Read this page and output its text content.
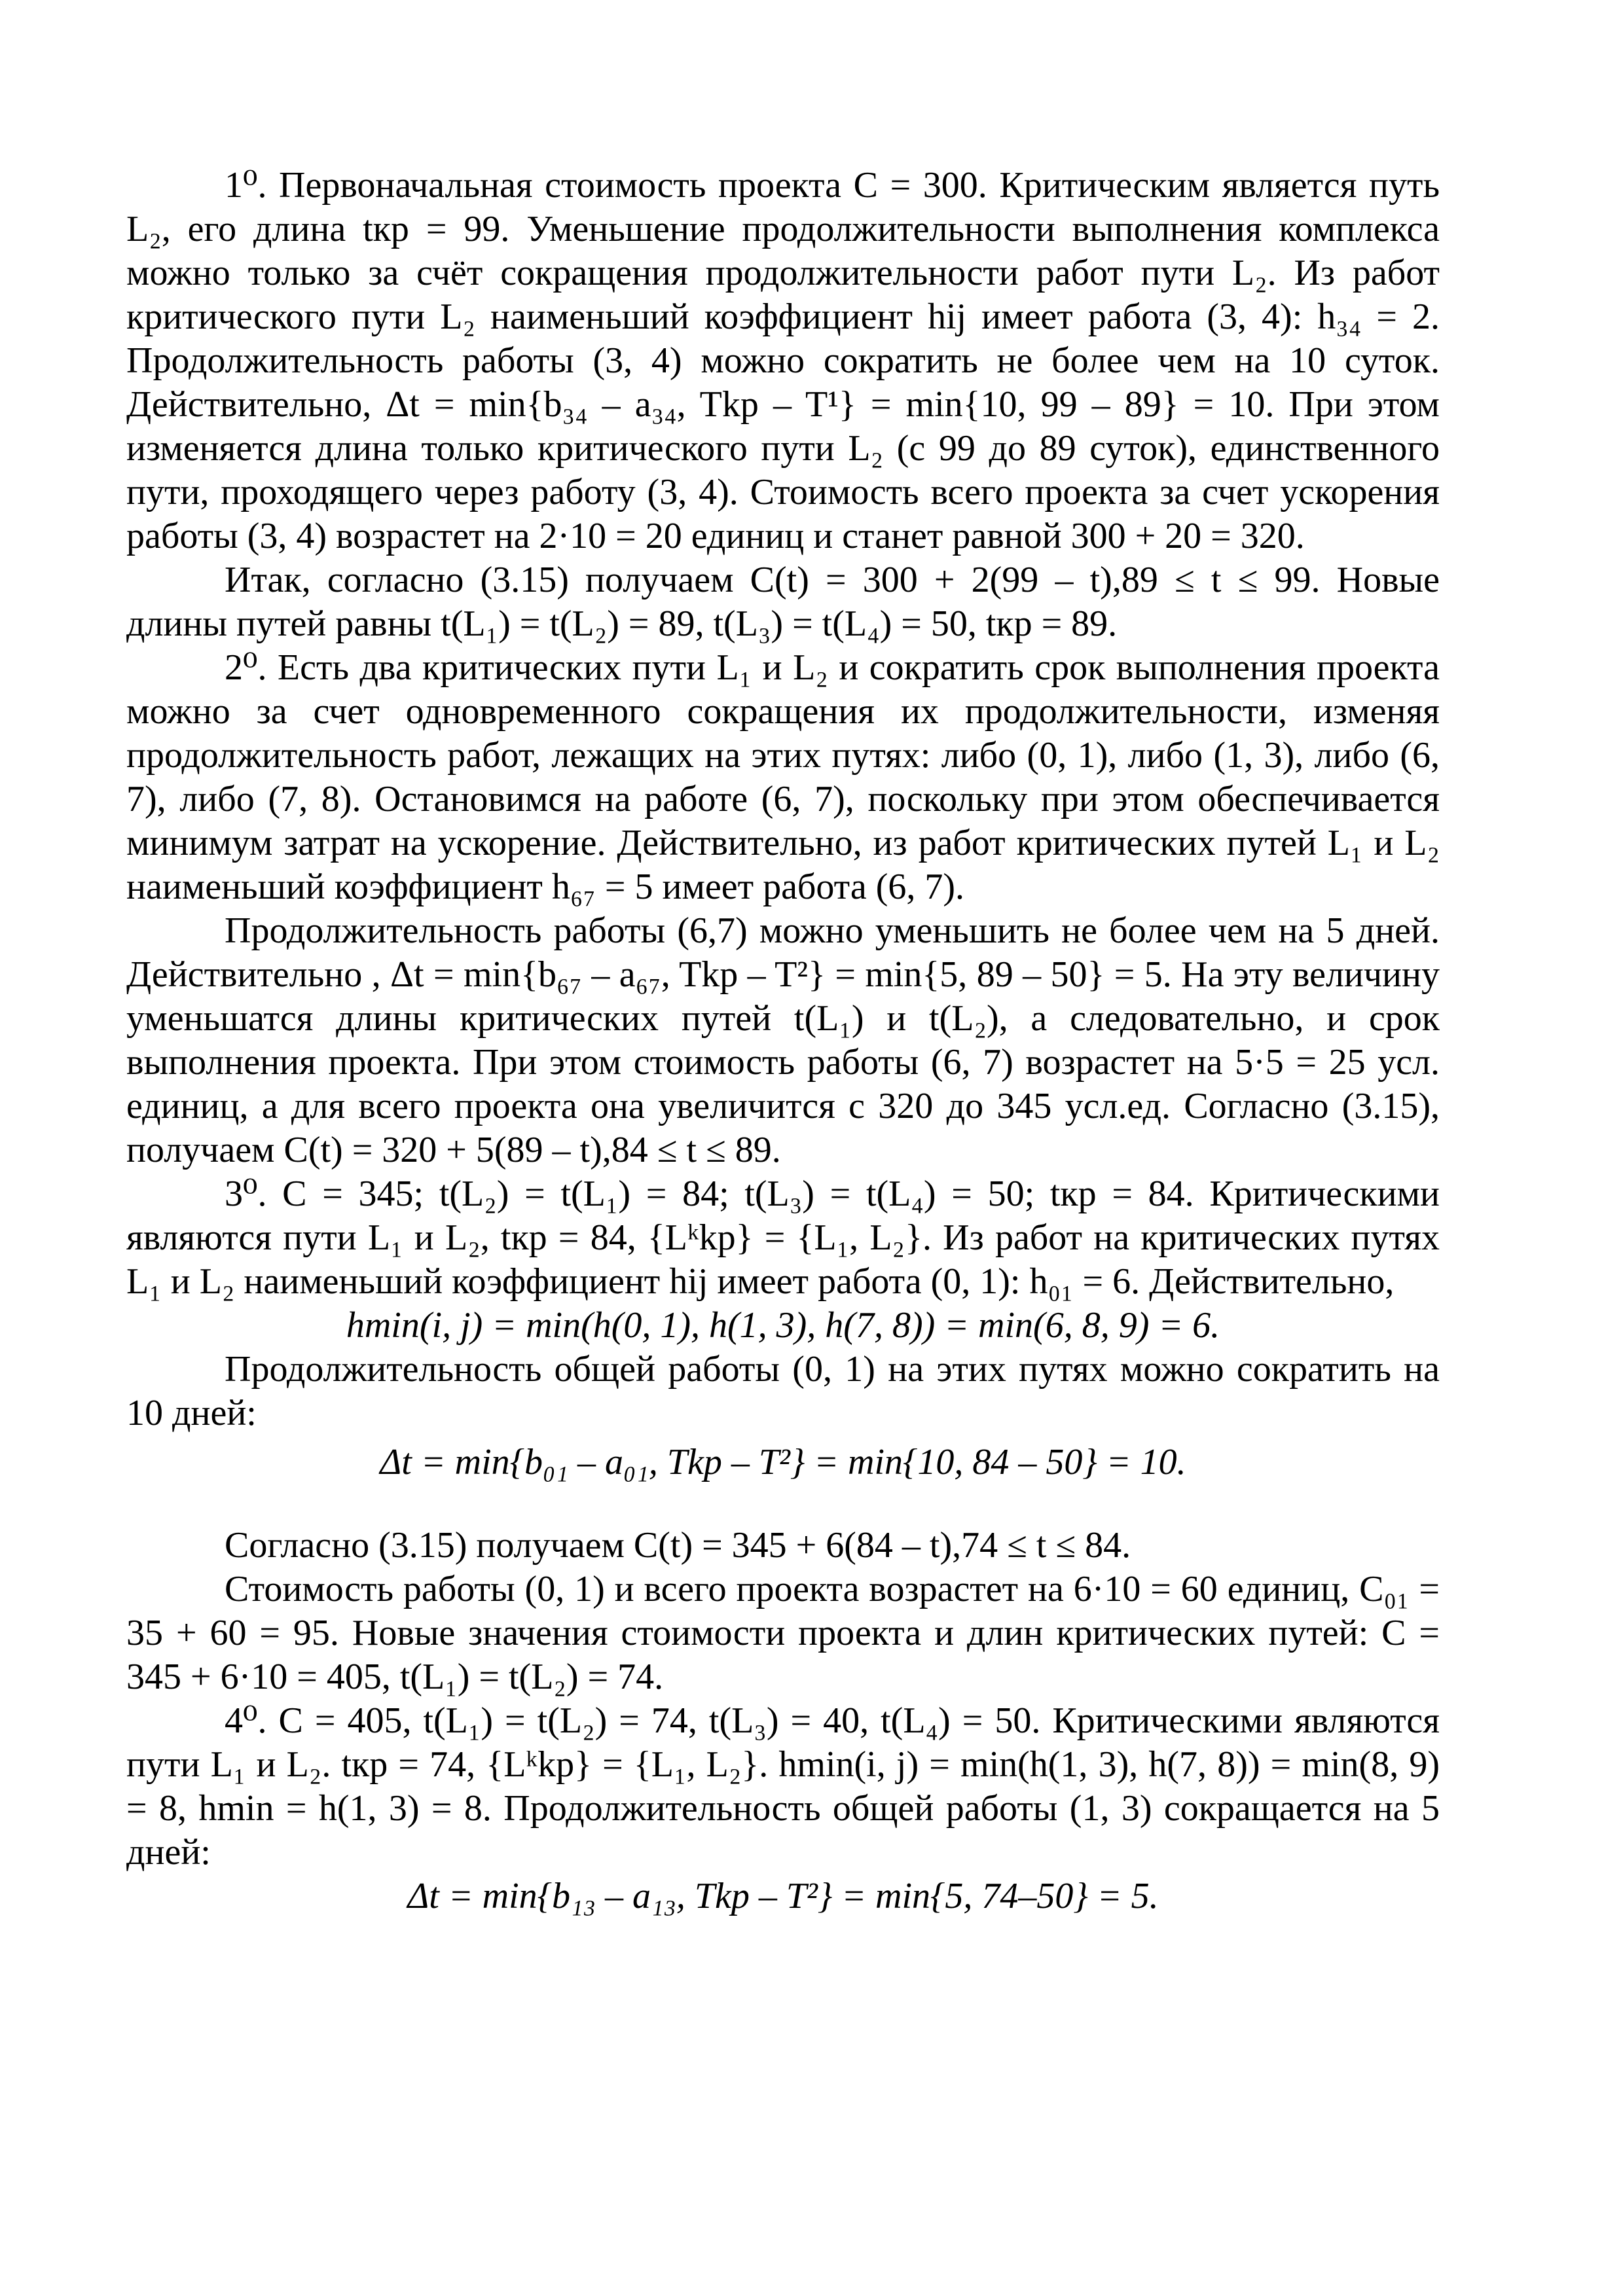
1⁰. Первоначальная стоимость проекта C = 300. Критическим является путь L₂, его длина tкр = 99. Уменьшение продолжительности выполнения комплекса можно только за счёт сокращения продолжительности работ пути L₂. Из работ критического пути L₂ наименьший коэффициент hij имеет работа (3, 4): h₃₄ = 2. Продолжительность работы (3, 4) можно сократить не более чем на 10 суток. Действительно, Δt = min{b₃₄ – a₃₄, Tkp – T¹} = min{10, 99 – 89} = 10. При этом изменяется длина только критического пути L₂ (с 99 до 89 суток), единственного пути, проходящего через работу (3, 4). Стоимость всего проекта за счет ускорения работы (3, 4) возрастет на 2·10 = 20 единиц и станет равной 300 + 20 = 320.

Итак, согласно (3.15) получаем C(t) = 300 + 2(99 – t),89 ≤ t ≤ 99. Новые длины путей равны t(L₁) = t(L₂) = 89, t(L₃) = t(L₄) = 50, tкр = 89.

2⁰. Есть два критических пути L₁ и L₂ и сократить срок выполнения проекта можно за счет одновременного сокращения их продолжительности, изменяя продолжительность работ, лежащих на этих путях: либо (0, 1), либо (1, 3), либо (6, 7), либо (7, 8). Остановимся на работе (6, 7), поскольку при этом обеспечивается минимум затрат на ускорение. Действительно, из работ критических путей L₁ и L₂ наименьший коэффициент h₆₇ = 5 имеет работа (6, 7).

Продолжительность работы (6,7) можно уменьшить не более чем на 5 дней. Действительно , Δt = min{b₆₇ – a₆₇, Tkp – T²} = min{5, 89 – 50} = 5. На эту величину уменьшатся длины критических путей t(L₁) и t(L₂), а следовательно, и срок выполнения проекта. При этом стоимость работы (6, 7) возрастет на 5·5 = 25 усл. единиц, а для всего проекта она увеличится с 320 до 345 усл.ед. Согласно (3.15), получаем C(t) = 320 + 5(89 – t),84 ≤ t ≤ 89.

3⁰. С = 345; t(L₂) = t(L₁) = 84; t(L₃) = t(L₄) = 50; tкр = 84. Критическими являются пути L₁ и L₂, tкр = 84, {Lᵏkp} = {L₁, L₂}. Из работ на критических путях L₁ и L₂ наименьший коэффициент hij имеет работа (0, 1): h₀₁ = 6. Действительно,

hmin(i, j) = min(h(0, 1), h(1, 3), h(7, 8)) = min(6, 8, 9) = 6.

Продолжительность общей работы (0, 1) на этих путях можно сократить на 10 дней:

Δt = min{b₀₁ – a₀₁, Tkp – T²} = min{10, 84 – 50} = 10.

Согласно (3.15) получаем C(t) = 345 + 6(84 – t),74 ≤ t ≤ 84.

Стоимость работы (0, 1) и всего проекта возрастет на 6·10 = 60 единиц, C₀₁ = 35 + 60 = 95. Новые значения стоимости проекта и длин критических путей: C = 345 + 6·10 = 405, t(L₁) = t(L₂) = 74.

4⁰. C = 405, t(L₁) = t(L₂) = 74, t(L₃) = 40, t(L₄) = 50. Критическими являются пути L₁ и L₂. tкр = 74, {Lᵏkp} = {L₁, L₂}. hmin(i, j) = min(h(1, 3), h(7, 8)) = min(8, 9) = 8, hmin = h(1, 3) = 8. Продолжительность общей работы (1, 3) сокращается на 5 дней:

Δt = min{b₁₃ – a₁₃, Tkp – T²} = min{5, 74–50} = 5.
